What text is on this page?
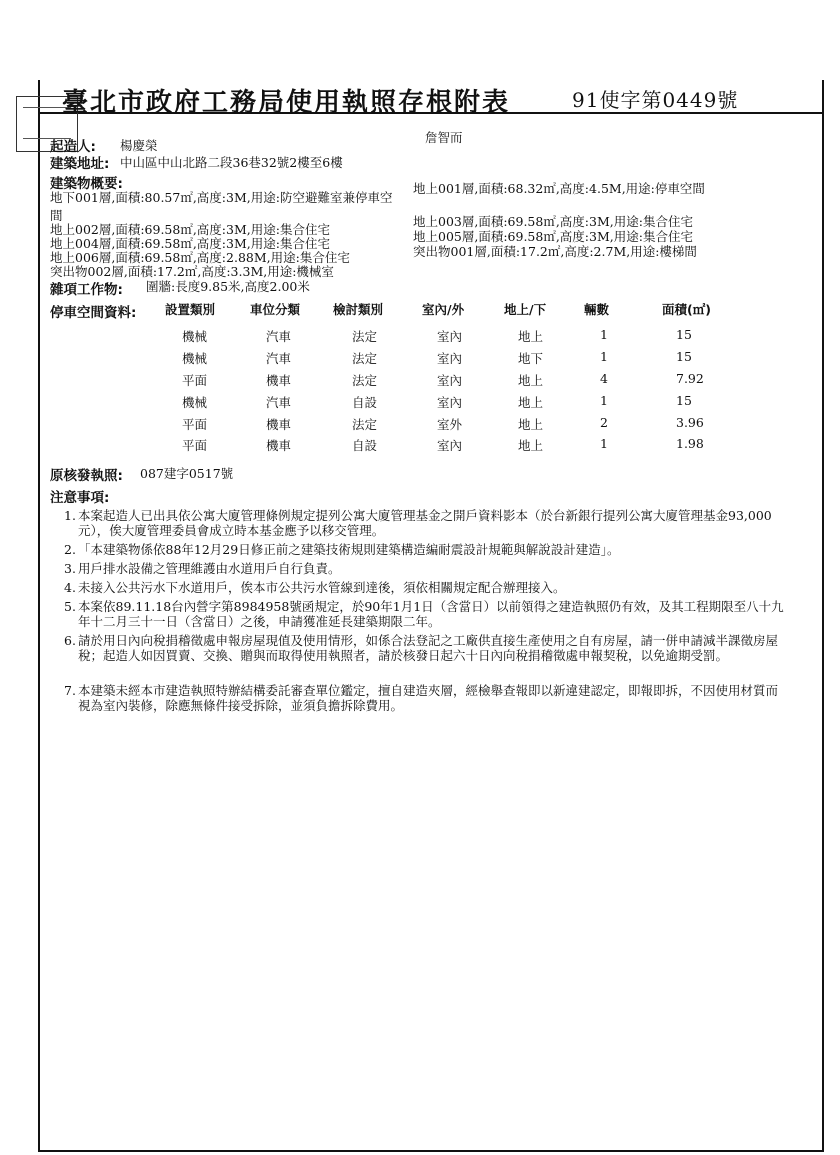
臺北市政府工務局使用執照存根附表	91使字第0449號
起造人: 楊慶榮
詹智而
建築地址: 中山區中山北路二段36巷32號2樓至6樓
建築物概要:
地下001層,面積:80.57㎡,高度:3M,用途:防空避難室兼停車空
地上001層,面積:68.32㎡,高度:4.5M,用途:停車空間
間
地上002層,面積:69.58㎡,高度:3M,用途:集合住宅
地上003層,面積:69.58㎡,高度:3M,用途:集合住宅
地上004層,面積:69.58㎡,高度:3M,用途:集合住宅	地上005層,面積:69.58㎡,高度:3M,用途:集合住宅
地上006層,面積:69.58㎡,高度:2.88M,用途:集合住宅	突出物001層,面積:17.2㎡,高度:2.7M,用途:樓梯間
突出物002層,面積:17.2㎡,高度:3.3M,用途:機械室
雜項工作物: 圍牆:長度9.85米,高度2.00米
停車空間資料: 設置類別	車位分類	檢討類別	室內/外	地上/下	輛數	面積(㎡)
機械	汽車	法定	室內	地上	1	15
機械	汽車	法定	室內	地下	1	15
平面	機車	法定	室內	地上	4	7.92
機械	汽車	自設	室內	地上	1	15
平面	機車	法定	室外	地上	2	3.96
平面	機車	自設	室內	地上	1	1.98
原核發執照: 087建字0517號
注意事項:
1. 本案起造人已出具依公寓大廈管理條例規定提列公寓大廈管理基金之開戶資料影本（於台新銀行提列公寓大廈管理基金93,000元），俟大廈管理委員會成立時本基金應予以移交管理。
2. 「本建築物係依88年12月29日修正前之建築技術規則建築構造編耐震設計規範與解說設計建造」。
3. 用戶排水設備之管理維護由水道用戶自行負責。
4. 未接入公共污水下水道用戶，俟本市公共污水管線到達後，須依相關規定配合辦理接入。
5. 本案依89.11.18台內營字第8984958號函規定，於90年1月1日（含當日）以前領得之建造執照仍有效，及其工程期限至八十九年十二月三十一日（含當日）之後，申請獲准延長建築期限二年。
6. 請於用日內向稅捐稽徵處申報房屋現值及使用情形，如係合法登記之工廠供直接生產使用之自有房屋，請一併申請減半課徵房屋稅；起造人如因買賣、交換、贈與而取得使用執照者，請於核發日起六十日內向稅捐稽徵處申報契稅，以免逾期受罰。
7. 本建築未經本市建造執照特辦結構委託審查單位鑑定，擅自建造夾層，經檢舉查報即以新違建認定，即報即拆，不因使用材質而視為室內裝修，除應無條件接受拆除，並須負擔拆除費用。
